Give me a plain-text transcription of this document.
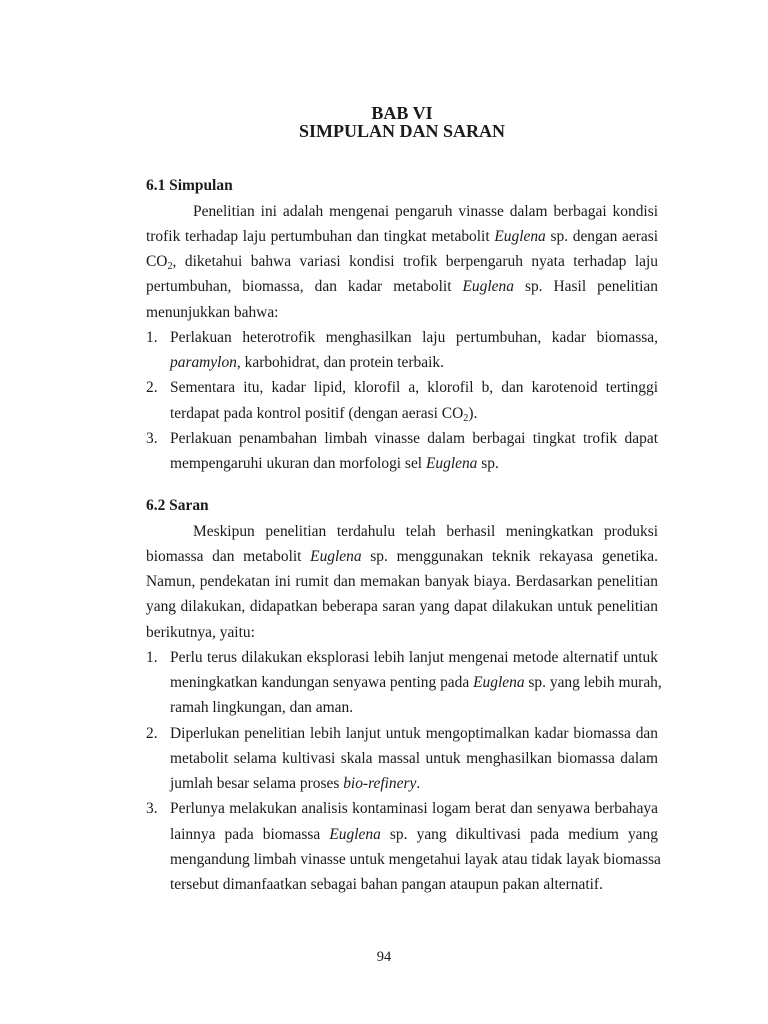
BAB VI
SIMPULAN DAN SARAN
6.1 Simpulan
Penelitian ini adalah mengenai pengaruh vinasse dalam berbagai kondisi
trofik terhadap laju pertumbuhan dan tingkat metabolit Euglena sp. dengan aerasi
$CO_2$, diketahui bahwa variasi kondisi trofik berpengaruh nyata terhadap laju
pertumbuhan, biomassa, dan kadar metabolit Euglena sp. Hasil penelitian
menunjukkan bahwa:
1. Perlakuan heterotrofik menghasilkan laju pertumbuhan, kadar biomassa,
paramylon, karbohidrat, dan protein terbaik.
2. Sementara itu, kadar lipid, klorofil a, klorofil b, dan karotenoid tertinggi
terdapat pada kontrol positif (dengan aerasi $CO_2$).
3. Perlakuan penambahan limbah vinasse dalam berbagai tingkat trofik dapat
mempengaruhi ukuran dan morfologi sel Euglena sp.
6.2 Saran
Meskipun penelitian terdahulu telah berhasil meningkatkan produksi
biomassa dan metabolit Euglena sp. menggunakan teknik rekayasa genetika.
Namun, pendekatan ini rumit dan memakan banyak biaya. Berdasarkan penelitian
yang dilakukan, didapatkan beberapa saran yang dapat dilakukan untuk penelitian
berikutnya, yaitu:
1. Perlu terus dilakukan eksplorasi lebih lanjut mengenai metode alternatif untuk
meningkatkan kandungan senyawa penting pada Euglena sp. yang lebih murah,
ramah lingkungan, dan aman.
2. Diperlukan penelitian lebih lanjut untuk mengoptimalkan kadar biomassa dan
metabolit selama kultivasi skala massal untuk menghasilkan biomassa dalam
jumlah besar selama proses bio-refinery.
3. Perlunya melakukan analisis kontaminasi logam berat dan senyawa berbahaya
lainnya pada biomassa Euglena sp. yang dikultivasi pada medium yang
mengandung limbah vinasse untuk mengetahui layak atau tidak layak biomassa
tersebut dimanfaatkan sebagai bahan pangan ataupun pakan alternatif.
94
